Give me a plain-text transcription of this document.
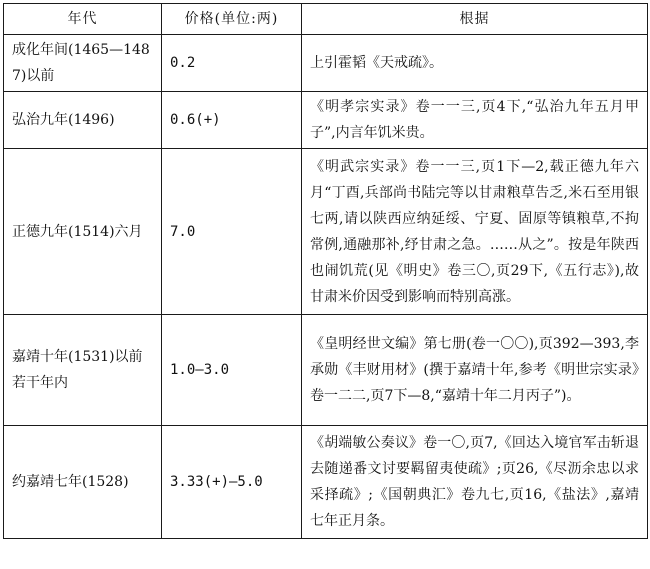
年代	价格(单位:两)	根据
成化年间(1465—1487)以前	0.2	上引霍韬《天戒疏》。
弘治九年(1496)	0.6(+)	《明孝宗实录》卷一一三,页4下,“弘治九年五月甲子”,内言年饥米贵。
正德九年(1514)六月	7.0	《明武宗实录》卷一一三,页1下—2,载正德九年六月“丁酉,兵部尚书陆完等以甘肃粮草告乏,米石至用银七两,请以陕西应纳延绥、宁夏、固原等镇粮草,不拘常例,通融那补,纾甘肃之急。……从之”。按是年陕西也闹饥荒(见《明史》卷三〇,页29下,《五行志》),故甘肃米价因受到影响而特别高涨。
嘉靖十年(1531)以前若干年内	1.0—3.0	《皇明经世文编》第七册(卷一〇〇),页392—393,李承勋《丰财用材》(撰于嘉靖十年,参考《明世宗实录》卷一二二,页7下—8,“嘉靖十年二月丙子”)。
约嘉靖七年(1528)	3.33(+)—5.0	《胡端敏公奏议》卷一〇,页7,《回达入境官军击斩退去随递番文讨要羁留夷使疏》;页26,《尽沥余忠以求采择疏》;《国朝典汇》卷九七,页16,《盐法》,嘉靖七年正月条。
